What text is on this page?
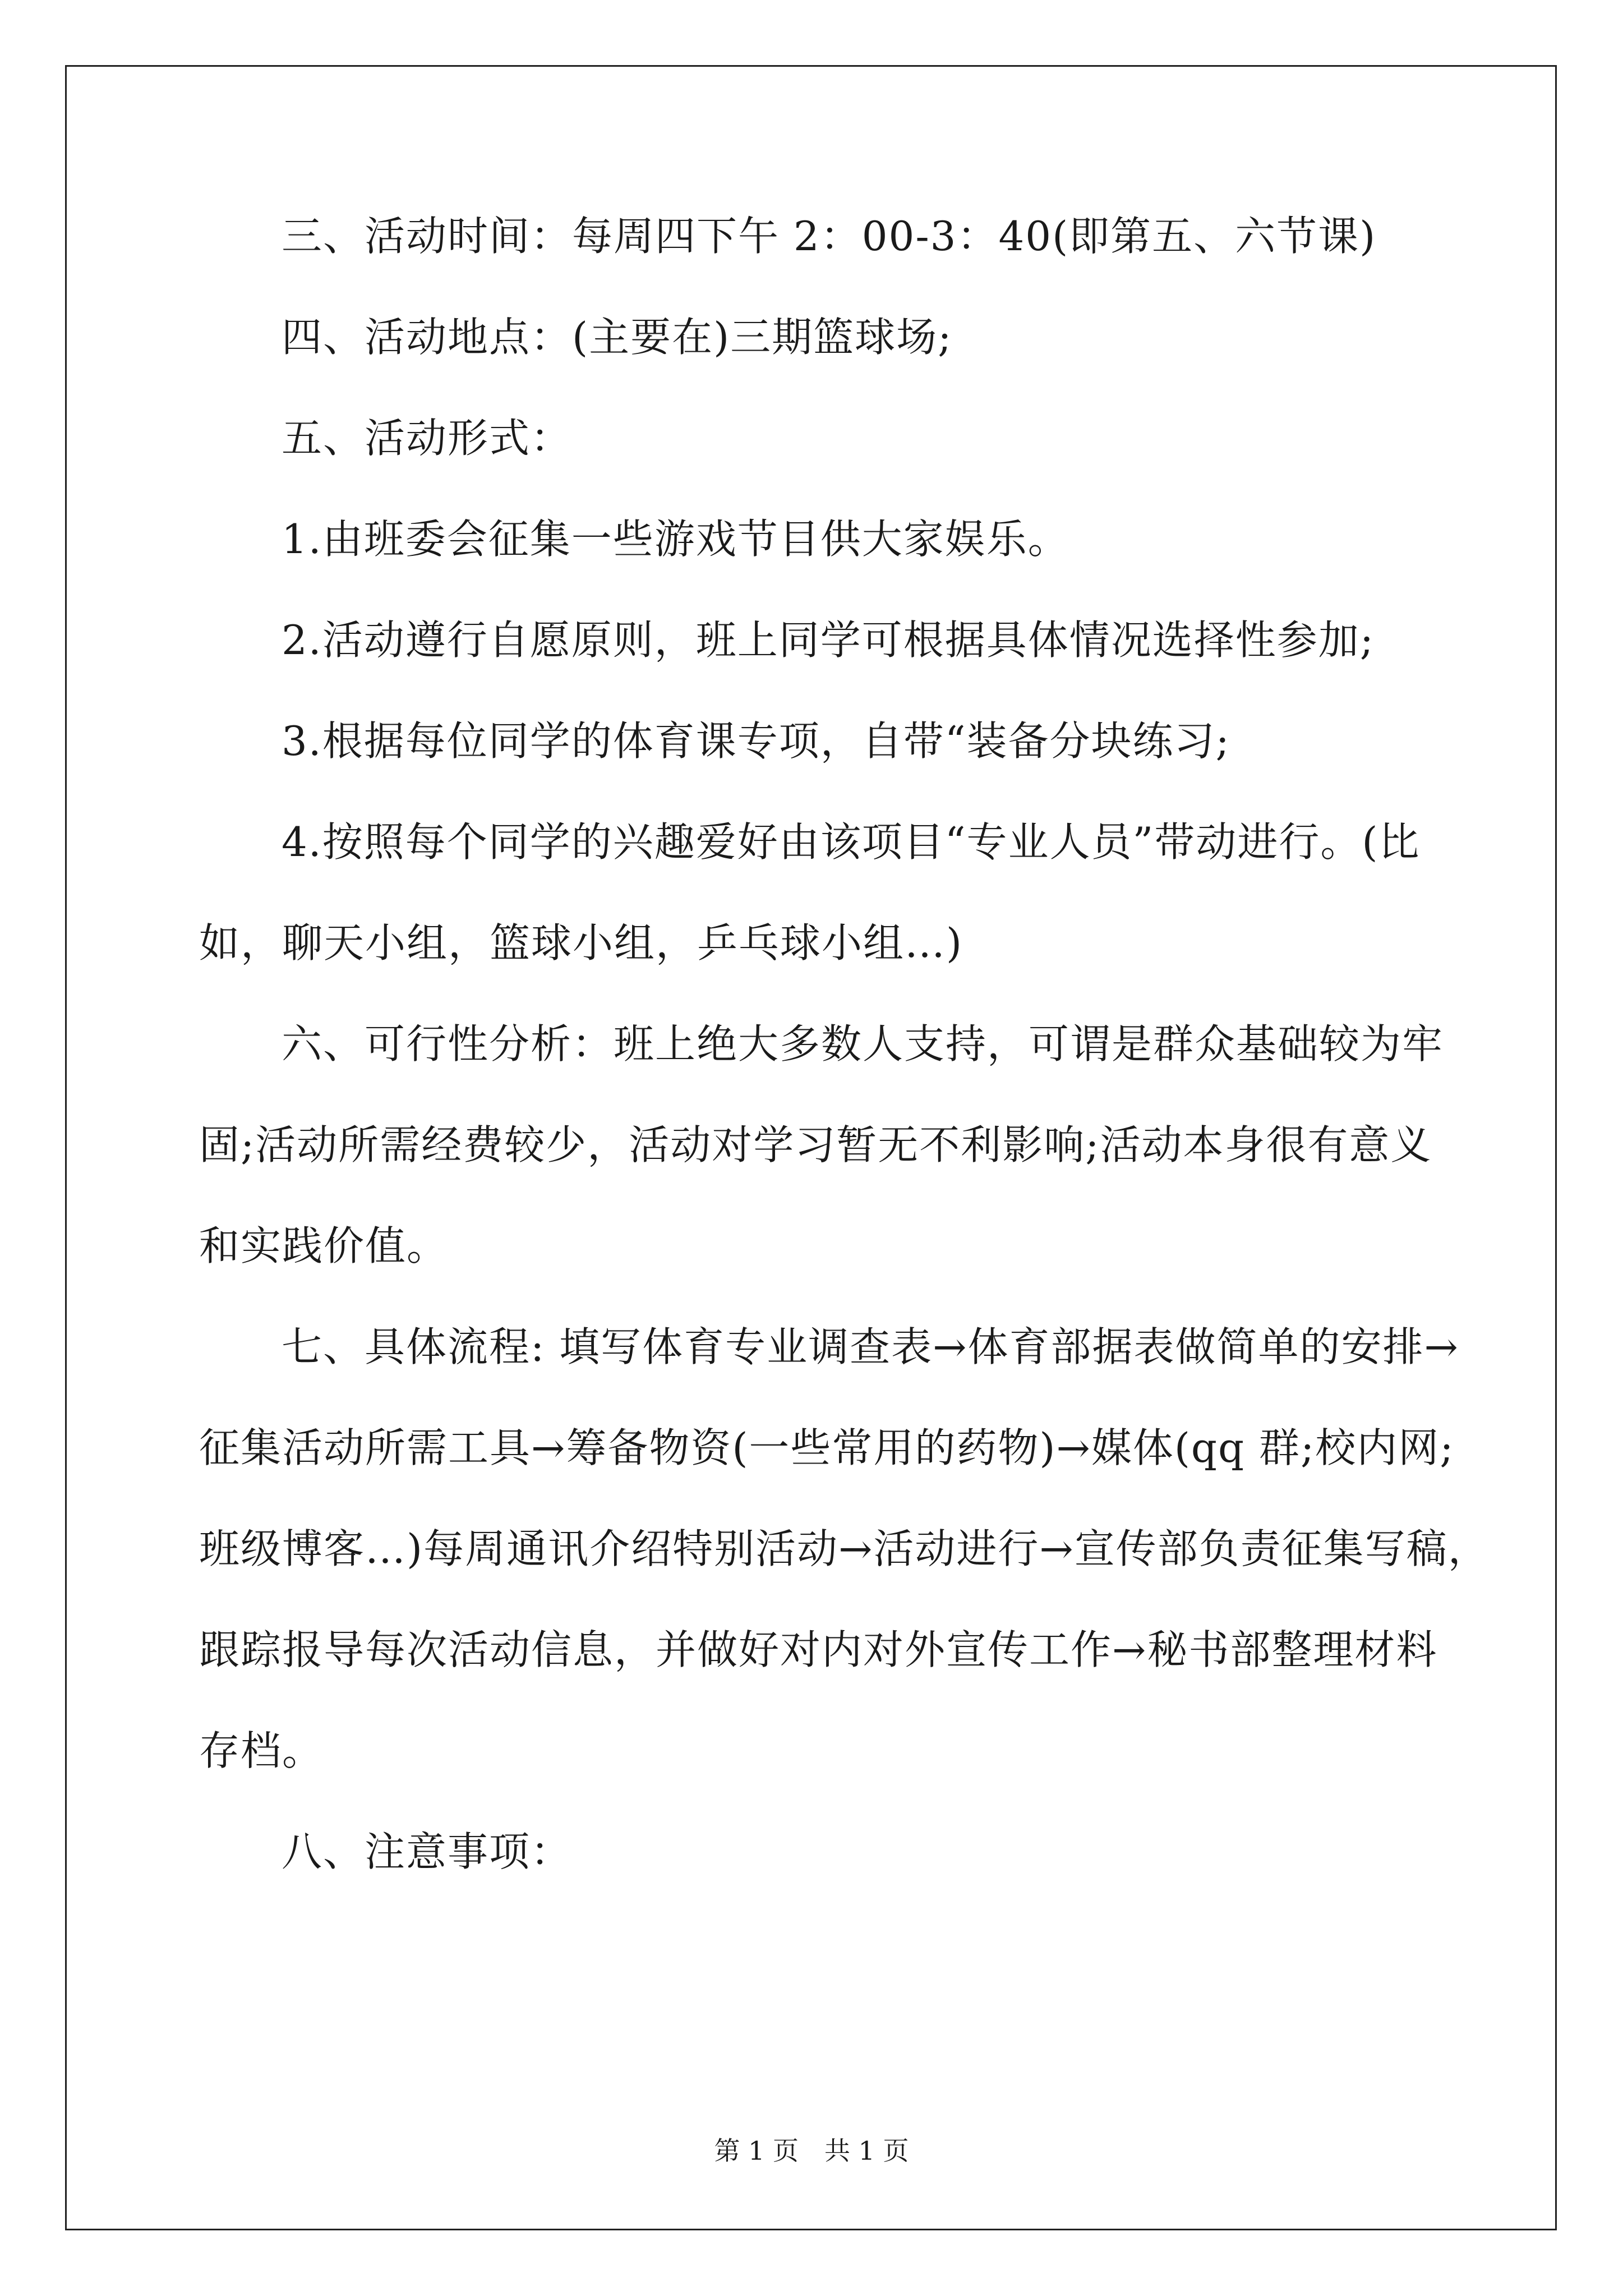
三、活动时间：每周四下午 2：00-3：40(即第五、六节课)

四、活动地点：(主要在)三期篮球场;

五、活动形式：

1.由班委会征集一些游戏节目供大家娱乐。

2.活动遵行自愿原则，班上同学可根据具体情况选择性参加;

3.根据每位同学的体育课专项，自带“装备分块练习;

4.按照每个同学的兴趣爱好由该项目“专业人员”带动进行。(比

如，聊天小组，篮球小组，乒乓球小组…)

六、可行性分析：班上绝大多数人支持，可谓是群众基础较为牢

固;活动所需经费较少，活动对学习暂无不利影响;活动本身很有意义

和实践价值。

七、具体流程: 填写体育专业调查表→体育部据表做简单的安排→

征集活动所需工具→筹备物资(一些常用的药物)→媒体(qq 群;校内网;

班级博客…)每周通讯介绍特别活动→活动进行→宣传部负责征集写稿，

跟踪报导每次活动信息，并做好对内对外宣传工作→秘书部整理材料

存档。

八、注意事项：

第 1 页　共 1 页
